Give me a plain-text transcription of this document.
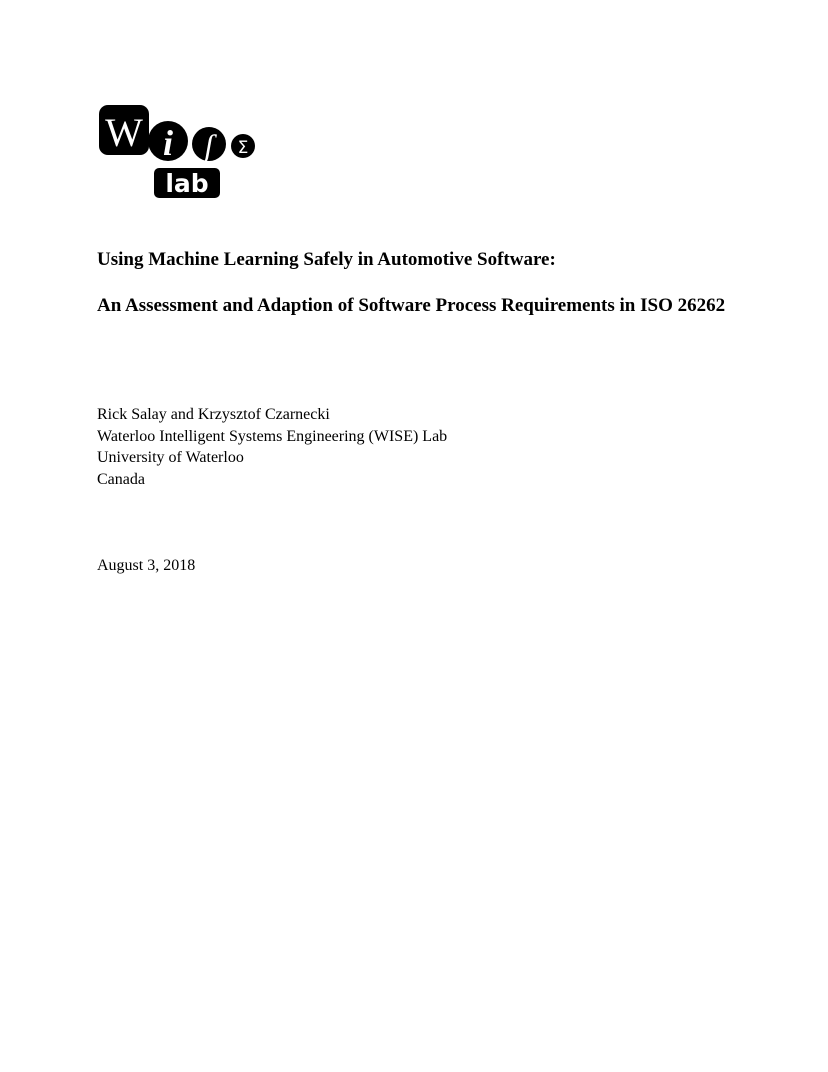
W i ʃ Σ
lab
Using Machine Learning Safely in Automotive Software:
An Assessment and Adaption of Software Process Requirements in ISO 26262
Rick Salay and Krzysztof Czarnecki
Waterloo Intelligent Systems Engineering (WISE) Lab
University of Waterloo
Canada
August 3, 2018
